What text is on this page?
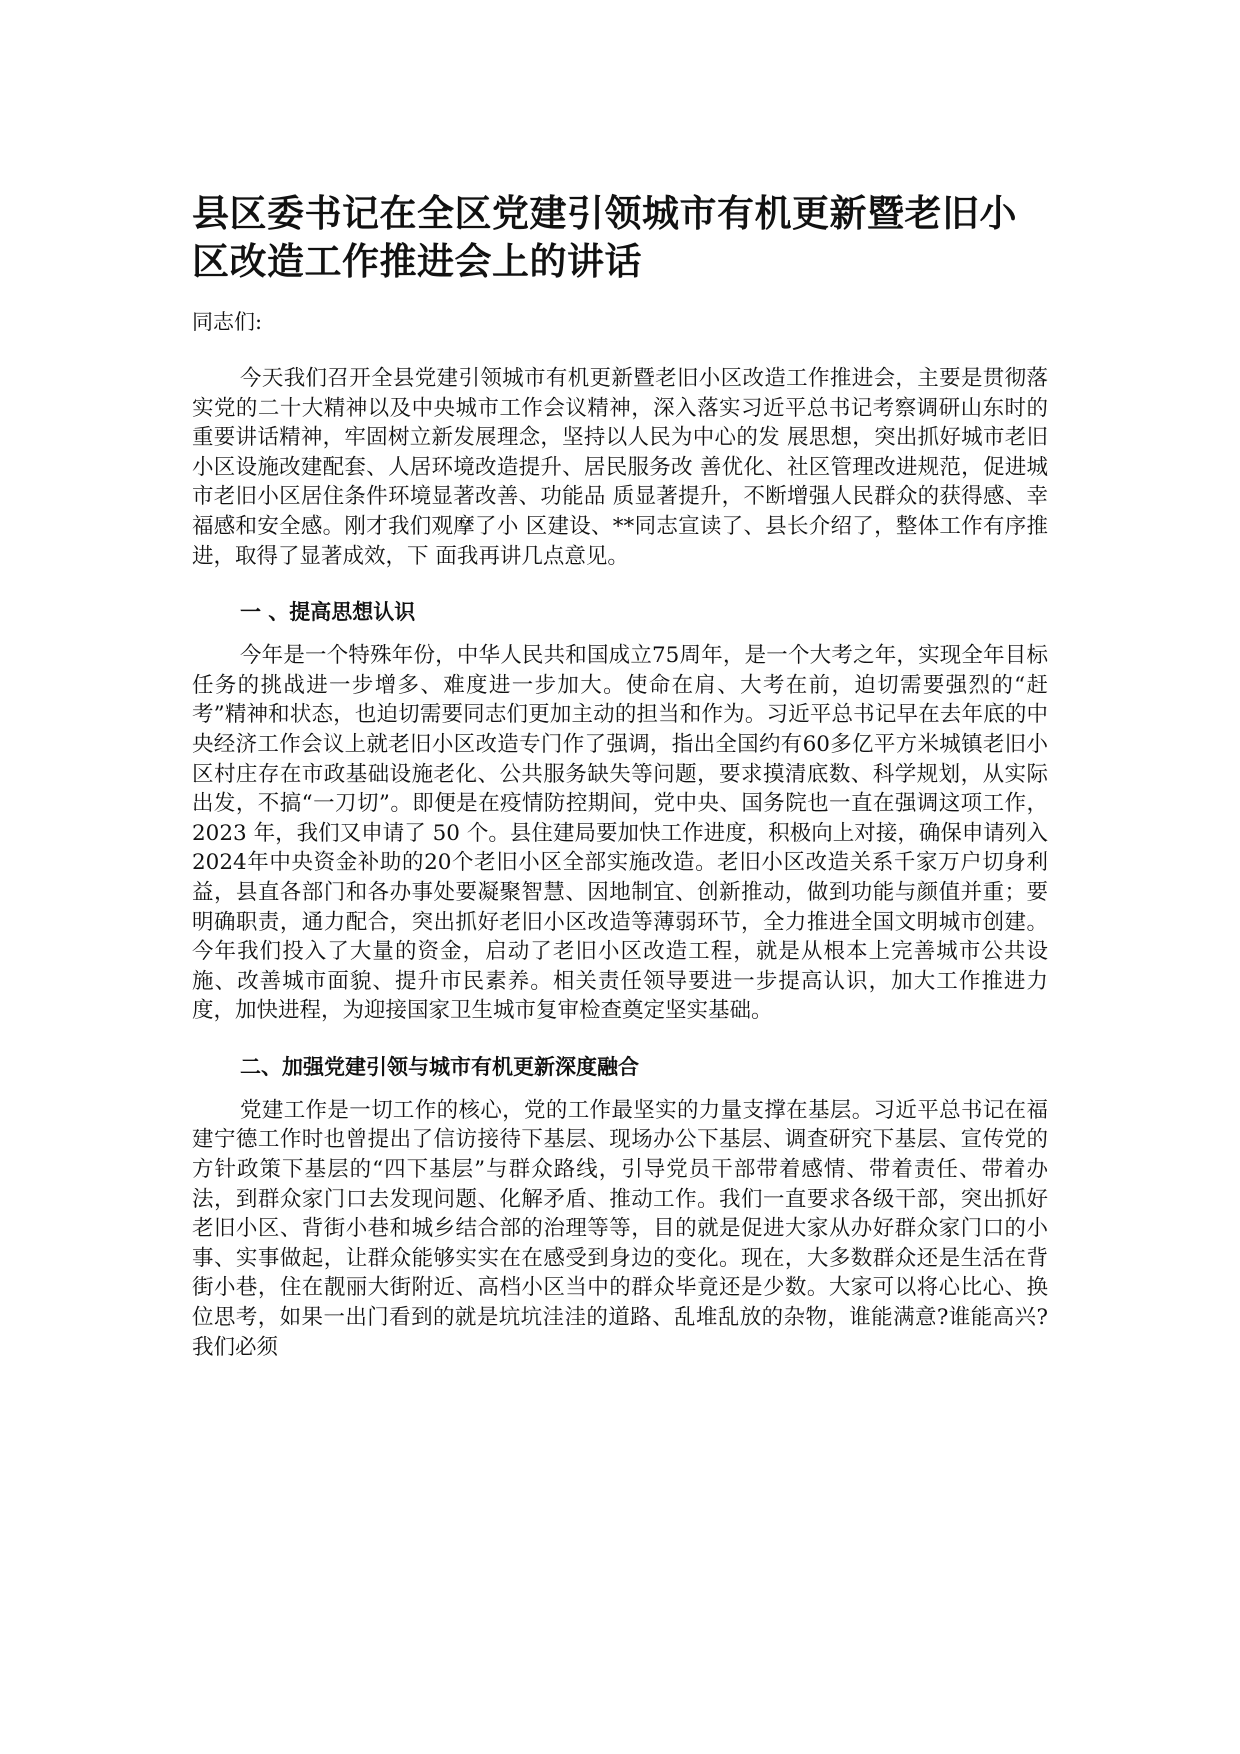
县区委书记在全区党建引领城市有机更新暨老旧小区改造工作推进会上的讲话

同志们:

今天我们召开全县党建引领城市有机更新暨老旧小区改造工作推进会，主要是贯彻落实党的二十大精神以及中央城市工作会议精神，深入落实习近平总书记考察调研山东时的重要讲话精神，牢固树立新发展理念，坚持以人民为中心的发 展思想，突出抓好城市老旧小区设施改建配套、人居环境改造提升、居民服务改 善优化、社区管理改进规范，促进城市老旧小区居住条件环境显著改善、功能品 质显著提升，不断增强人民群众的获得感、幸福感和安全感。刚才我们观摩了小 区建设、**同志宣读了、县长介绍了，整体工作有序推进，取得了显著成效，下 面我再讲几点意见。

一 、提高思想认识

今年是一个特殊年份，中华人民共和国成立75周年，是一个大考之年，实现全年目标任务的挑战进一步增多、难度进一步加大。使命在肩、大考在前，迫切需要强烈的“赶考”精神和状态，也迫切需要同志们更加主动的担当和作为。习近平总书记早在去年底的中央经济工作会议上就老旧小区改造专门作了强调，指出全国约有60多亿平方米城镇老旧小区村庄存在市政基础设施老化、公共服务缺失等问题，要求摸清底数、科学规划，从实际出发，不搞“一刀切”。即便是在疫情防控期间，党中央、国务院也一直在强调这项工作，2023 年，我们又申请了 50 个。县住建局要加快工作进度，积极向上对接，确保申请列入2024年中央资金补助的20个老旧小区全部实施改造。老旧小区改造关系千家万户切身利益，县直各部门和各办事处要凝聚智慧、因地制宜、创新推动，做到功能与颜值并重；要明确职责，通力配合，突出抓好老旧小区改造等薄弱环节，全力推进全国文明城市创建。今年我们投入了大量的资金，启动了老旧小区改造工程，就是从根本上完善城市公共设施、改善城市面貌、提升市民素养。相关责任领导要进一步提高认识，加大工作推进力度，加快进程，为迎接国家卫生城市复审检查奠定坚实基础。

二、加强党建引领与城市有机更新深度融合

党建工作是一切工作的核心，党的工作最坚实的力量支撑在基层。习近平总书记在福建宁德工作时也曾提出了信访接待下基层、现场办公下基层、调查研究下基层、宣传党的方针政策下基层的“四下基层”与群众路线，引导党员干部带着感情、带着责任、带着办法，到群众家门口去发现问题、化解矛盾、推动工作。我们一直要求各级干部，突出抓好老旧小区、背街小巷和城乡结合部的治理等等，目的就是促进大家从办好群众家门口的小事、实事做起，让群众能够实实在在感受到身边的变化。现在，大多数群众还是生活在背街小巷，住在靓丽大街附近、高档小区当中的群众毕竟还是少数。大家可以将心比心、换位思考，如果一出门看到的就是坑坑洼洼的道路、乱堆乱放的杂物，谁能满意?谁能高兴?我们必须
